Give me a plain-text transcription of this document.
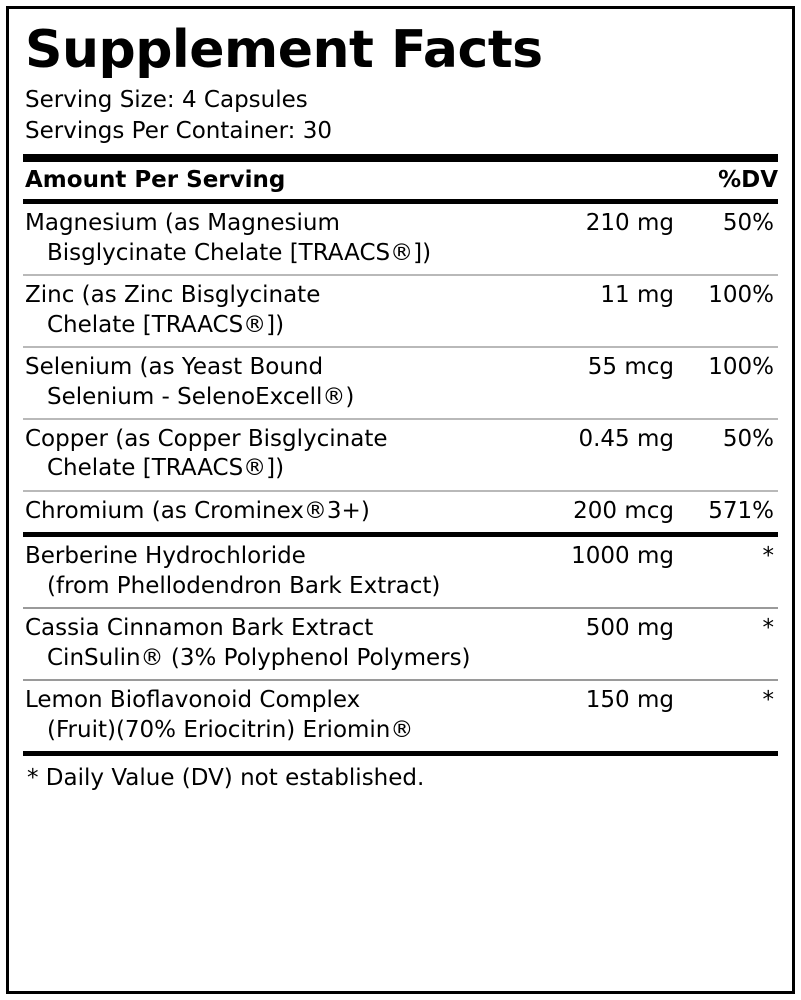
Supplement Facts
Serving Size: 4 Capsules
Servings Per Container: 30
Amount Per Serving	%DV
Magnesium (as Magnesium
Bisglycinate Chelate [TRAACS®])
210 mg	50%
Zinc (as Zinc Bisglycinate
Chelate [TRAACS®])
11 mg	100%
Selenium (as Yeast Bound
Selenium - SelenoExcell®)
55 mcg	100%
Copper (as Copper Bisglycinate
Chelate [TRAACS®])
0.45 mg	50%
Chromium (as Crominex®3+)	200 mcg	571%
Berberine Hydrochloride
(from Phellodendron Bark Extract)
1000 mg	*
Cassia Cinnamon Bark Extract
CinSulin® (3% Polyphenol Polymers)
500 mg	*
Lemon Bioflavonoid Complex
(Fruit)(70% Eriocitrin) Eriomin®
150 mg	*
* Daily Value (DV) not established.
